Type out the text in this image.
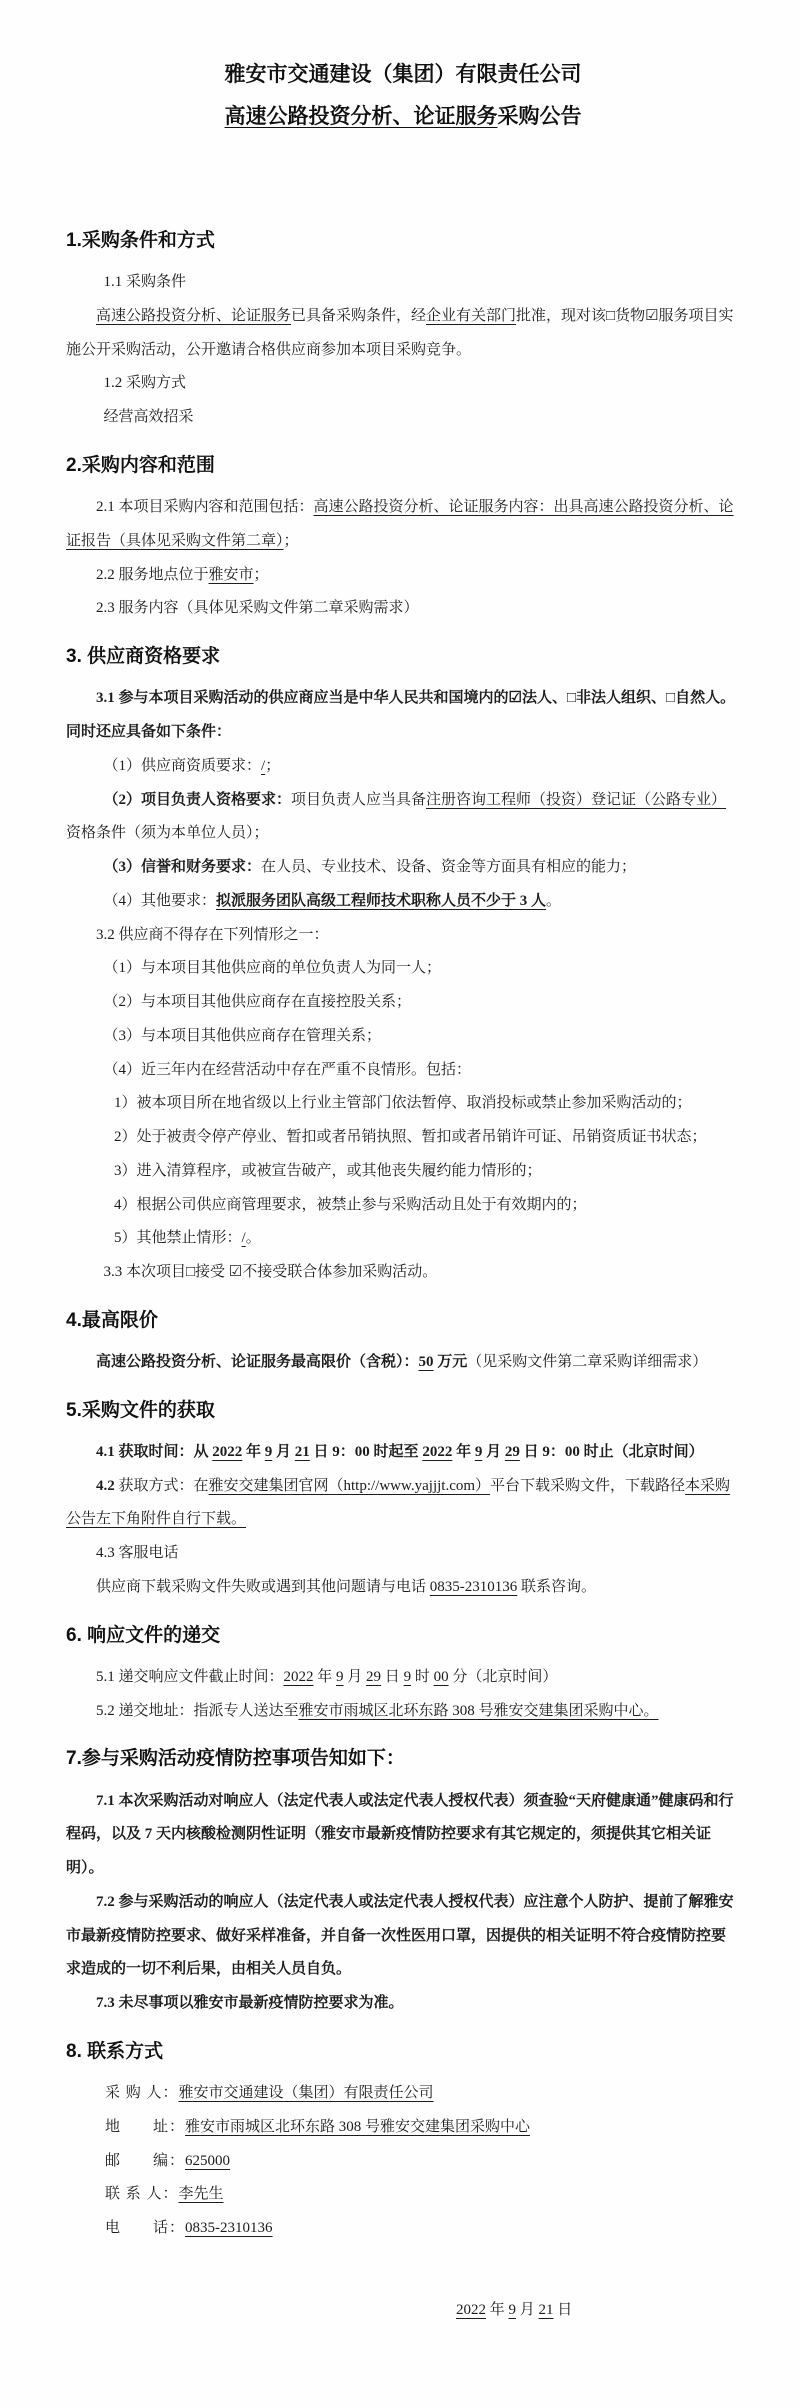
雅安市交通建设（集团）有限责任公司
高速公路投资分析、论证服务采购公告
1.采购条件和方式

1.1 采购条件

高速公路投资分析、论证服务已具备采购条件，经企业有关部门批准，现对该□货物☑服务项目实施公开采购活动，公开邀请合格供应商参加本项目采购竞争。

1.2 采购方式

经营高效招采

2.采购内容和范围

2.1 本项目采购内容和范围包括：高速公路投资分析、论证服务内容：出具高速公路投资分析、论证报告（具体见采购文件第二章）；

2.2 服务地点位于雅安市；

2.3 服务内容（具体见采购文件第二章采购需求）

3. 供应商资格要求

3.1 参与本项目采购活动的供应商应当是中华人民共和国境内的☑法人、□非法人组织、□自然人。同时还应具备如下条件：

（1）供应商资质要求：/；

（2）项目负责人资格要求：项目负责人应当具备注册咨询工程师（投资）登记证（公路专业）资格条件（须为本单位人员）；

（3）信誉和财务要求：在人员、专业技术、设备、资金等方面具有相应的能力；

（4）其他要求：拟派服务团队高级工程师技术职称人员不少于 3 人。

3.2 供应商不得存在下列情形之一：

（1）与本项目其他供应商的单位负责人为同一人；

（2）与本项目其他供应商存在直接控股关系；

（3）与本项目其他供应商存在管理关系；

（4）近三年内在经营活动中存在严重不良情形。包括：

1）被本项目所在地省级以上行业主管部门依法暂停、取消投标或禁止参加采购活动的；

2）处于被责令停产停业、暂扣或者吊销执照、暂扣或者吊销许可证、吊销资质证书状态；

3）进入清算程序，或被宣告破产，或其他丧失履约能力情形的；

4）根据公司供应商管理要求，被禁止参与采购活动且处于有效期内的；

5）其他禁止情形：/。

3.3 本次项目□接受 ☑不接受联合体参加采购活动。

4.最高限价

高速公路投资分析、论证服务最高限价（含税）：50 万元（见采购文件第二章采购详细需求）

5.采购文件的获取

4.1 获取时间：从 2022 年 9 月 21 日 9：00 时起至 2022 年 9 月 29 日 9：00 时止（北京时间）

4.2 获取方式：在雅安交建集团官网（http://www.yajjjt.com）平台下载采购文件，下载路径本采购公告左下角附件自行下载。

4.3 客服电话

供应商下载采购文件失败或遇到其他问题请与电话 0835-2310136 联系咨询。

6. 响应文件的递交

5.1 递交响应文件截止时间：2022 年 9 月 29 日 9 时 00 分（北京时间）

5.2 递交地址：指派专人送达至雅安市雨城区北环东路 308 号雅安交建集团采购中心。

7.参与采购活动疫情防控事项告知如下：

7.1 本次采购活动对响应人（法定代表人或法定代表人授权代表）须查验“天府健康通”健康码和行程码，以及 7 天内核酸检测阴性证明（雅安市最新疫情防控要求有其它规定的，须提供其它相关证明）。

7.2 参与采购活动的响应人（法定代表人或法定代表人授权代表）应注意个人防护、提前了解雅安市最新疫情防控要求、做好采样准备，并自备一次性医用口罩，因提供的相关证明不符合疫情防控要求造成的一切不利后果，由相关人员自负。

7.3 未尽事项以雅安市最新疫情防控要求为准。

8. 联系方式

采 购 人：雅安市交通建设（集团）有限责任公司

地　　址：雅安市雨城区北环东路 308 号雅安交建集团采购中心

邮　　编：625000

联 系 人：李先生

电　　话：0835-2310136

2022 年 9 月 21 日
